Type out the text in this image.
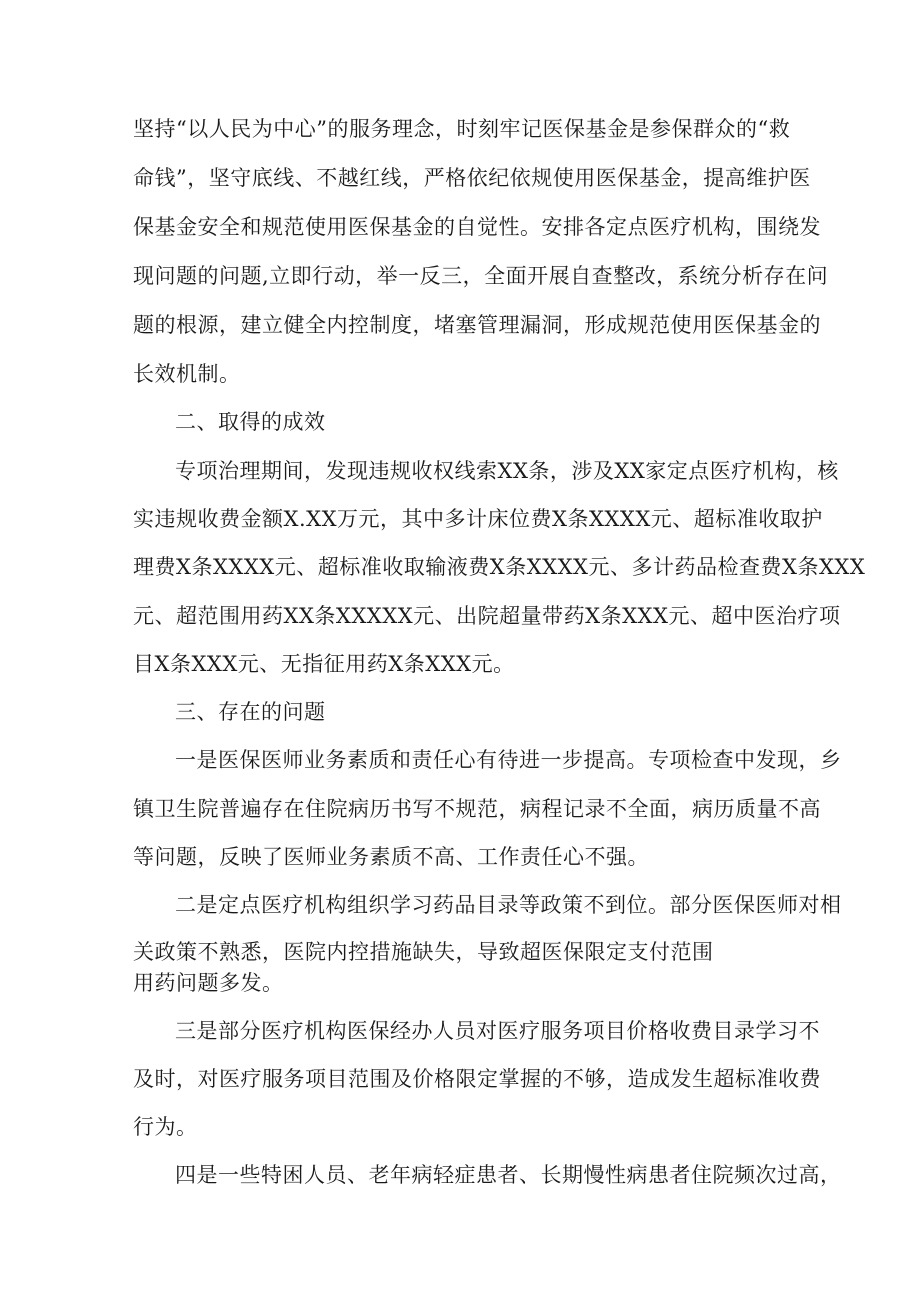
坚持“以人民为中心”的服务理念，时刻牢记医保基金是参保群众的“救
命钱”，坚守底线、不越红线，严格依纪依规使用医保基金，提高维护医
保基金安全和规范使用医保基金的自觉性。安排各定点医疗机构，围绕发
现问题的问题,立即行动，举一反三，全面开展自查整改，系统分析存在问
题的根源，建立健全内控制度，堵塞管理漏洞，形成规范使用医保基金的
长效机制。
二、取得的成效
专项治理期间，发现违规收权线索XX条，涉及XX家定点医疗机构，核
实违规收费金额X.XX万元，其中多计床位费X条XXXX元、超标准收取护
理费X条XXXX元、超标准收取输液费X条XXXX元、多计药品检查费X条XXX
元、超范围用药XX条XXXXX元、出院超量带药X条XXX元、超中医治疗项
目X条XXX元、无指征用药X条XXX元。
三、存在的问题
一是医保医师业务素质和责任心有待进一步提高。专项检查中发现，乡
镇卫生院普遍存在住院病历书写不规范，病程记录不全面，病历质量不高
等问题，反映了医师业务素质不高、工作责任心不强。
二是定点医疗机构组织学习药品目录等政策不到位。部分医保医师对相
关政策不熟悉，医院内控措施缺失，导致超医保限定支付范围
用药问题多发。
三是部分医疗机构医保经办人员对医疗服务项目价格收费目录学习不
及时，对医疗服务项目范围及价格限定掌握的不够，造成发生超标准收费
行为。
四是一些特困人员、老年病轻症患者、长期慢性病患者住院频次过高，
